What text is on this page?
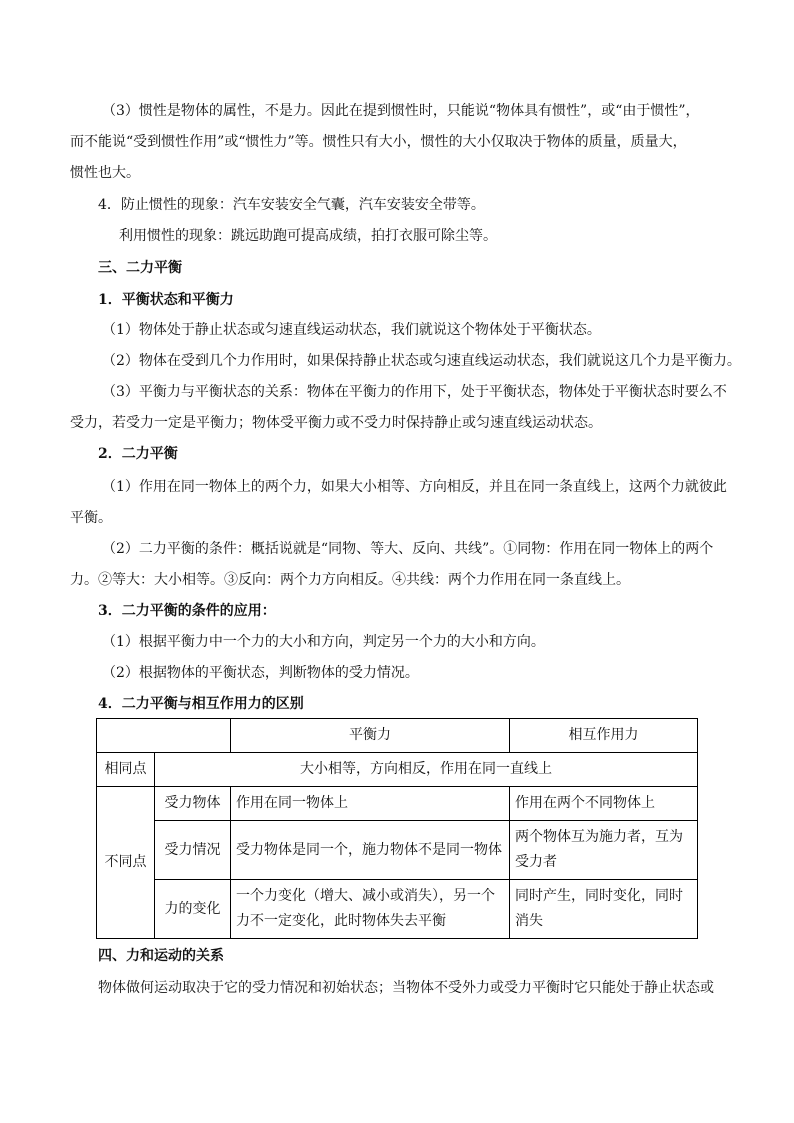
（3）惯性是物体的属性，不是力。因此在提到惯性时，只能说“物体具有惯性”，或“由于惯性”，
而不能说“受到惯性作用”或“惯性力”等。惯性只有大小，惯性的大小仅取决于物体的质量，质量大，
惯性也大。
4．防止惯性的现象：汽车安装安全气囊，汽车安装安全带等。
利用惯性的现象：跳远助跑可提高成绩，拍打衣服可除尘等。
三、二力平衡
1．平衡状态和平衡力
（1）物体处于静止状态或匀速直线运动状态，我们就说这个物体处于平衡状态。
（2）物体在受到几个力作用时，如果保持静止状态或匀速直线运动状态，我们就说这几个力是平衡力。
（3）平衡力与平衡状态的关系：物体在平衡力的作用下，处于平衡状态，物体处于平衡状态时要么不
受力，若受力一定是平衡力；物体受平衡力或不受力时保持静止或匀速直线运动状态。
2．二力平衡
（1）作用在同一物体上的两个力，如果大小相等、方向相反，并且在同一条直线上，这两个力就彼此
平衡。
（2）二力平衡的条件：概括说就是“同物、等大、反向、共线”。①同物：作用在同一物体上的两个
力。②等大：大小相等。③反向：两个力方向相反。④共线：两个力作用在同一条直线上。
3．二力平衡的条件的应用：
（1）根据平衡力中一个力的大小和方向，判定另一个力的大小和方向。
（2）根据物体的平衡状态，判断物体的受力情况。
4．二力平衡与相互作用力的区别
		平衡力	相互作用力
相同点	大小相等，方向相反，作用在同一直线上		
不同点	受力物体	作用在同一物体上	作用在两个不同物体上
	受力情况	受力物体是同一个，施力物体不是同一物体	两个物体互为施力者，互为受力者
	力的变化	一个力变化（增大、减小或消失），另一个力不一定变化，此时物体失去平衡	同时产生，同时变化，同时消失
四、力和运动的关系
物体做何运动取决于它的受力情况和初始状态；当物体不受外力或受力平衡时它只能处于静止状态或
